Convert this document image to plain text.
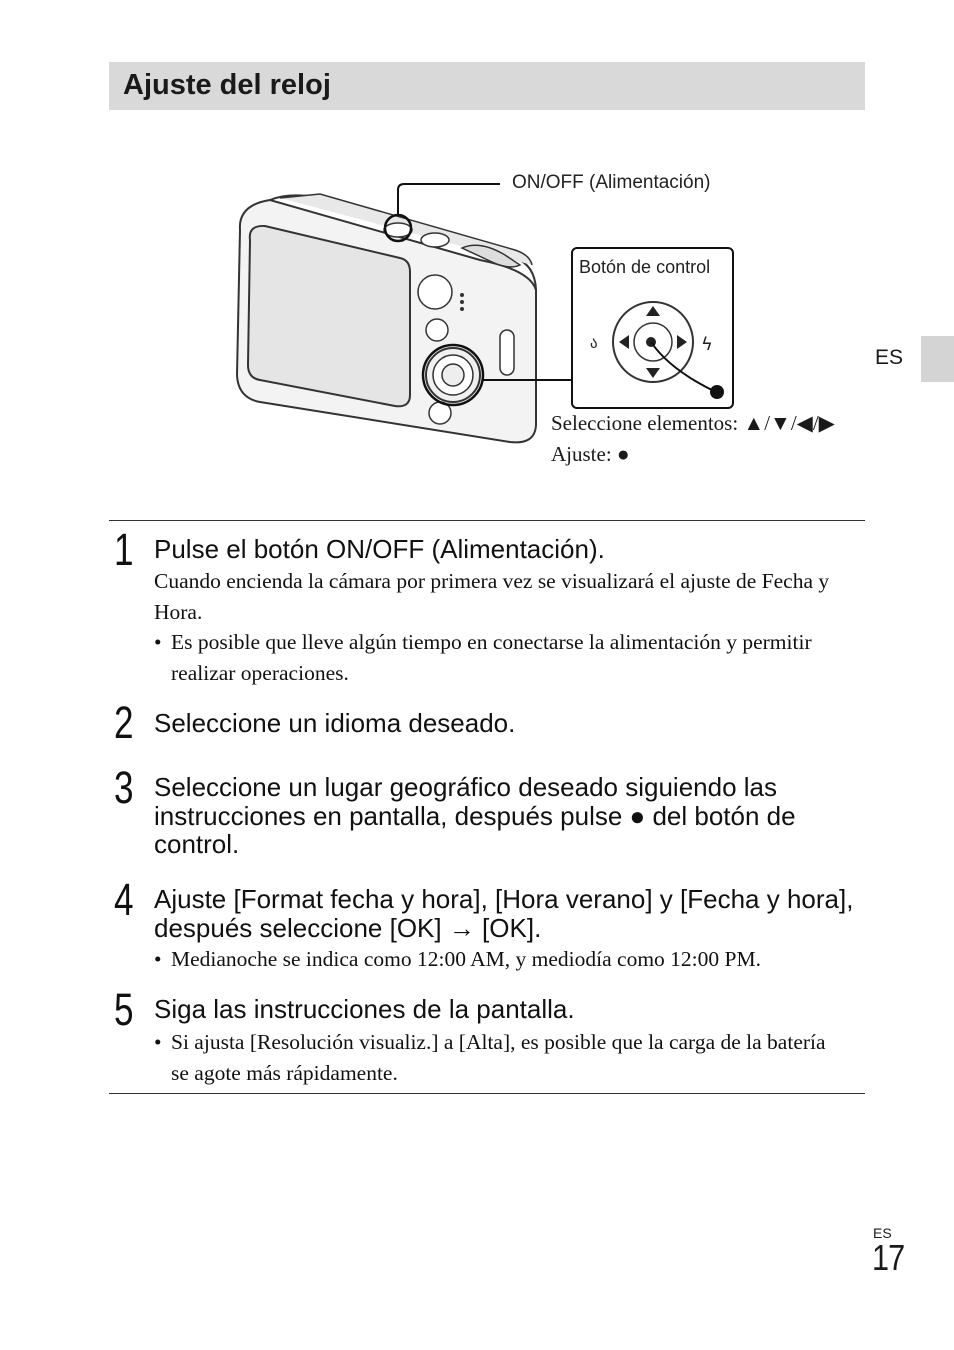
Ajuste del reloj
ES
ა	ϟ
ON/OFF (Alimentación)
Botón de control
Seleccione elementos: ▲/▼/◀/▶
Ajuste: ●
1 Pulse el botón ON/OFF (Alimentación).
Cuando encienda la cámara por primera vez se visualizará el ajuste de Fecha y Hora.
• Es posible que lleve algún tiempo en conectarse la alimentación y permitir realizar operaciones.
2 Seleccione un idioma deseado.
3 Seleccione un lugar geográfico deseado siguiendo las instrucciones en pantalla, después pulse ● del botón de control.
4 Ajuste [Format fecha y hora], [Hora verano] y [Fecha y hora], después seleccione [OK] → [OK].
• Medianoche se indica como 12:00 AM, y mediodía como 12:00 PM.
5 Siga las instrucciones de la pantalla.
• Si ajusta [Resolución visualiz.] a [Alta], es posible que la carga de la batería se agote más rápidamente.
ES
17
